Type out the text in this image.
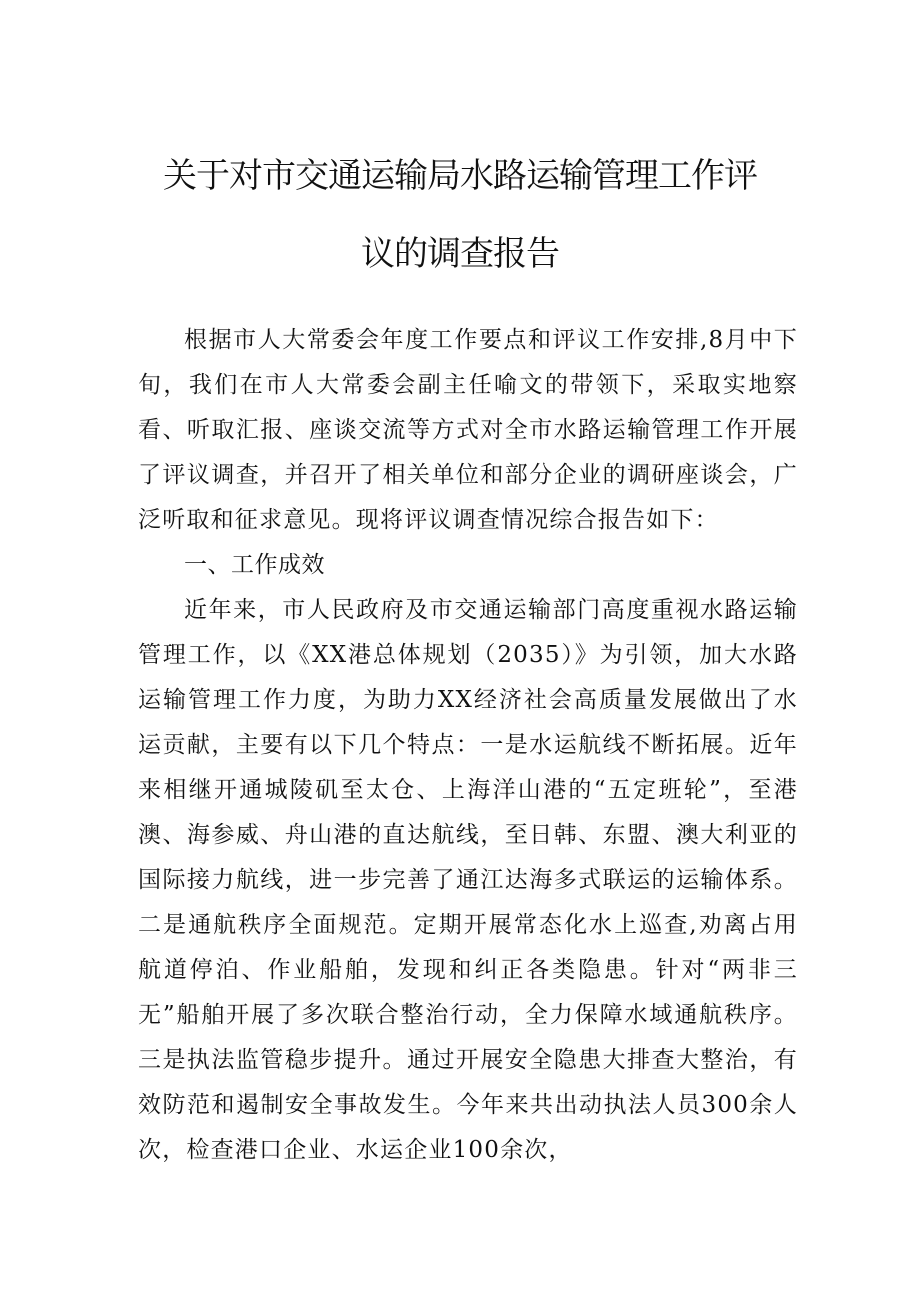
关于对市交通运输局水路运输管理工作评
议的调查报告

根据市人大常委会年度工作要点和评议工作安排,8月中下旬，我们在市人大常委会副主任喻文的带领下，采取实地察看、听取汇报、座谈交流等方式对全市水路运输管理工作开展了评议调查，并召开了相关单位和部分企业的调研座谈会，广泛听取和征求意见。现将评议调查情况综合报告如下：

一、工作成效

近年来，市人民政府及市交通运输部门高度重视水路运输管理工作，以《XX港总体规划（2035）》为引领，加大水路运输管理工作力度，为助力XX经济社会高质量发展做出了水运贡献，主要有以下几个特点：一是水运航线不断拓展。近年来相继开通城陵矶至太仓、上海洋山港的“五定班轮”，至港澳、海参威、舟山港的直达航线，至日韩、东盟、澳大利亚的国际接力航线，进一步完善了通江达海多式联运的运输体系。二是通航秩序全面规范。定期开展常态化水上巡查,劝离占用航道停泊、作业船舶，发现和纠正各类隐患。针对“两非三无”船舶开展了多次联合整治行动，全力保障水域通航秩序。三是执法监管稳步提升。通过开展安全隐患大排查大整治，有效防范和遏制安全事故发生。今年来共出动执法人员300余人次，检查港口企业、水运企业100余次，
